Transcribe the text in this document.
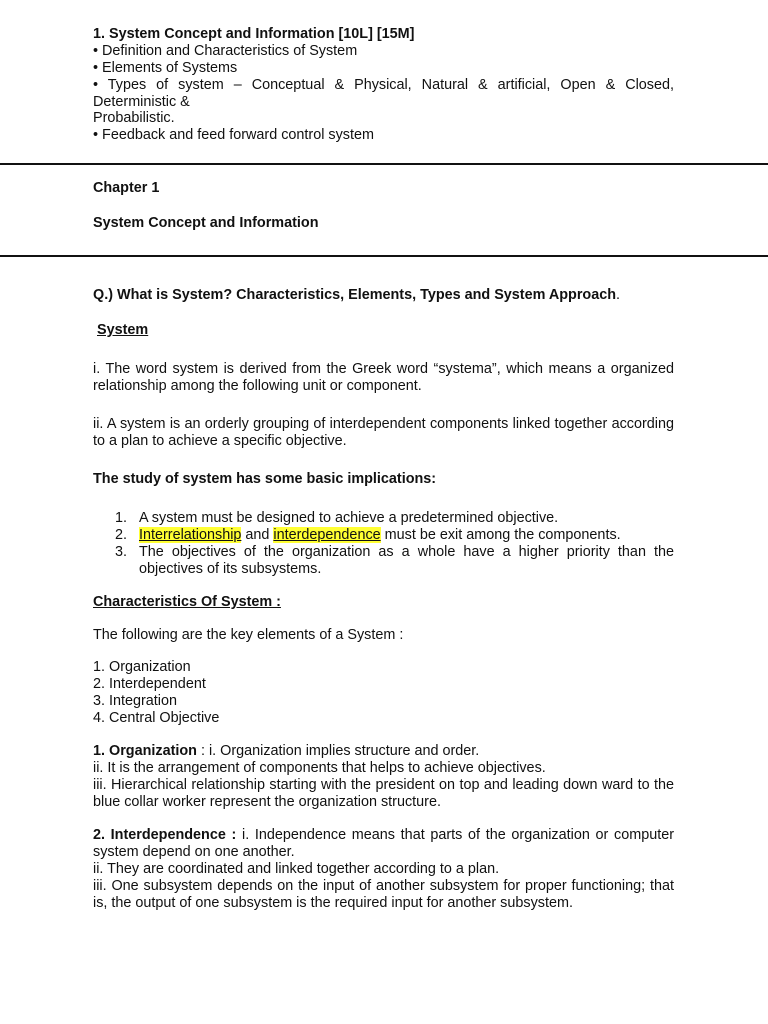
1. System Concept and Information [10L] [15M]

• Definition and Characteristics of System

• Elements of Systems

• Types of system – Conceptual & Physical, Natural & artificial, Open & Closed, Deterministic &

Probabilistic.

• Feedback and feed forward control system

Chapter 1

System Concept and Information

Q.) What is System? Characteristics, Elements, Types and System Approach.

System

i. The word system is derived from the Greek word “systema”, which means a organized relationship among the following unit or component.

ii. A system is an orderly grouping of interdependent components linked together according to a plan to achieve a specific objective.

The study of system has some basic implications:

1. A system must be designed to achieve a predetermined objective.
2. Interrelationship and interdependence must be exit among the components.
3. The objectives of the organization as a whole have a higher priority than the objectives of its subsystems.

Characteristics Of System :

The following are the key elements of a System :

1. Organization
2. Interdependent
3. Integration
4. Central Objective
1. Organization : i. Organization implies structure and order.
ii. It is the arrangement of components that helps to achieve objectives.
iii. Hierarchical relationship starting with the president on top and leading down ward to the blue collar worker represent the organization structure.
2. Interdependence : i. Independence means that parts of the organization or computer system depend on one another.
ii. They are coordinated and linked together according to a plan.
iii. One subsystem depends on the input of another subsystem for proper functioning; that is, the output of one subsystem is the required input for another subsystem.
